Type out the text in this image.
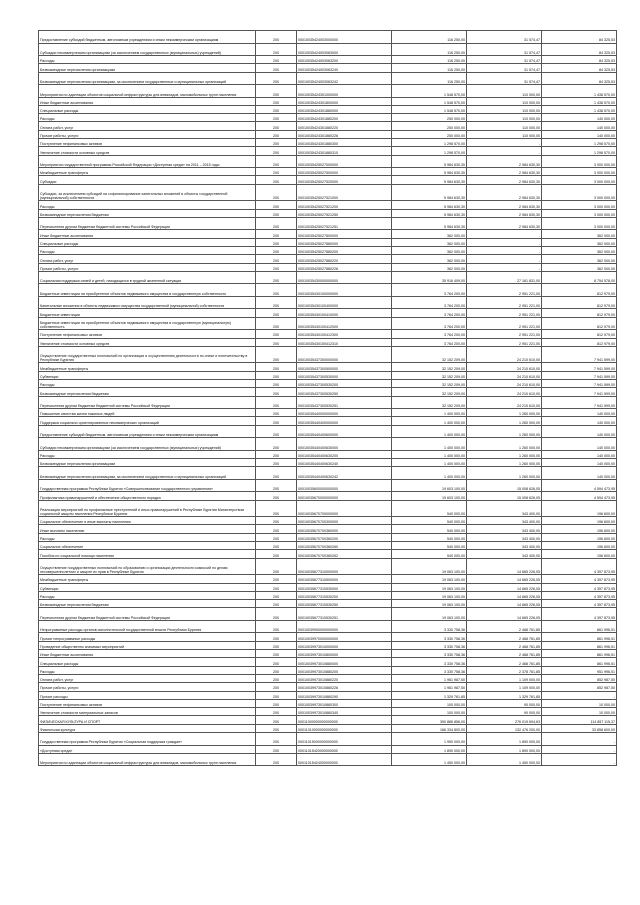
Предоставление субсидий бюджетным, автономным учреждениям и иным некоммерческим организациям	200	00010035424003000000	116 250,00	31 574,47	84 325,53
Субсидии некоммерческим организациям (за исключением государственных (муниципальных) учреждений)	200	00010035424003063000	116 250,00	31 574,47	84 325,53
Расходы	200	00010035424003063200	116 250,00	31 574,47	84 325,53
Безвозмездные перечисления организациям	200	00010035424003063240	116 250,00	31 574,47	84 325,53
Безвозмездные перечисления организациям, за исключением государственных и муниципальных организаций	200	00010035424003063242	116 250,00	31 574,47	84 325,53
Мероприятия по адаптации объектов социальной инфраструктуры для инвалидов, маломобильных групп населения	200	00010035424301000000	1 548 570,00	110 000,00	1 438 570,00
Иные бюджетные ассигнования	200	00010035424301800000	1 548 570,00	110 000,00	1 438 570,00
Специальные расходы	200	00010035424301880000	1 548 570,00	110 000,00	1 438 570,00
Расходы	200	00010035424301880200	250 000,00	110 000,00	140 000,00
Оплата работ, услуг	200	00010035424301880220	250 000,00	110 000,00	140 000,00
Прочие работы, услуги	200	00010035424301880226	250 000,00	110 000,00	140 000,00
Поступление нефинансовых активов	200	00010035424301880300	1 298 570,00	-	1 298 570,00
Увеличение стоимости основных средств	200	00010035424301880310	1 298 570,00	-	1 298 570,00
Мероприятия государственной программы Российской Федерации «Доступная среда» на 2011 – 2015 годы	200	00010035425027000000	5 984 630,30	2 984 630,30	3 000 000,00
Межбюджетные трансферты	200	00010035425027500000	5 984 630,30	2 984 630,30	3 000 000,00
Субсидии	200	00010035425027520000	5 984 630,30	2 984 630,30	3 000 000,00
Субсидии, за исключением субсидий на софинансирование капитальных вложений в объекты государственной (муниципальной) собственности	200	00010035425027521000	5 984 630,30	2 984 630,30	3 000 000,00
Расходы	200	00010035425027521200	5 984 630,30	2 984 630,30	3 000 000,00
Безвозмездные перечисления бюджетам	200	00010035425027521250	5 984 630,30	2 984 630,30	3 000 000,00
Перечисления другим бюджетам бюджетной системы Российской Федерации	200	00010035425027521251	5 984 630,30	2 984 630,30	3 000 000,00
Иные бюджетные ассигнования	200	00010035425027800000	362 000,00	-	362 000,00
Специальные расходы	200	00010035425027880000	362 000,00	-	362 000,00
Расходы	200	00010035425027880200	362 000,00	-	362 000,00
Оплата работ, услуг	200	00010035425027880220	362 000,00	-	362 000,00
Прочие работы, услуги	200	00010035425027880226	362 000,00	-	362 000,00
Социальная поддержка семей и детей, находящихся в трудной жизненной ситуации	200	00010035430000000000	35 916 409,00	27 161 831,00	8 754 578,00
Бюджетные инвестиции на приобретение объектов недвижимого имущества в государственную собственность	200	00010035430100000000	3 764 200,00	2 951 221,00	812 979,00
Капитальные вложения в объекты недвижимого имущества государственной (муниципальной) собственности	200	00010035430100400000	3 764 200,00	2 951 221,00	812 979,00
Бюджетные инвестиции	200	00010035430100410000	3 764 200,00	2 951 221,00	812 979,00
Бюджетные инвестиции на приобретение объектов недвижимого имущества в государственную (муниципальную) собственность	200	00010035430100412000	3 764 200,00	2 951 221,00	812 979,00
Поступление нефинансовых активов	200	00010035430100412300	3 764 200,00	2 951 221,00	812 979,00
Увеличение стоимости основных средств	200	00010035430100412310	3 764 200,00	2 951 221,00	812 979,00
Осуществление государственных полномочий по организации и осуществлению деятельности по опеке и попечительству в Республике Бурятия	200	00010035437300000000	32 152 209,00	24 210 610,00	7 941 599,00
Межбюджетные трансферты	200	00010035437300500000	32 152 209,00	24 210 610,00	7 941 599,00
Субвенции	200	00010035437300530000	32 152 209,00	24 210 610,00	7 941 599,00
Расходы	200	00010035437300530200	32 152 209,00	24 210 610,00	7 941 599,00
Безвозмездные перечисления бюджетам	200	00010035437300530250	32 152 209,00	24 210 610,00	7 941 599,00
Перечисления другим бюджетам бюджетной системы Российской Федерации	200	00010035437300530251	32 152 209,00	24 210 610,00	7 941 599,00
Повышение качества жизни пожилых людей	200	00010035440000000000	1 400 000,00	1 260 000,00	140 000,00
Поддержка социально ориентированных некоммерческих организаций	200	00010035440400000000	1 400 000,00	1 260 000,00	140 000,00
Предоставление субсидий бюджетным, автономным учреждениям и иным некоммерческим организациям	200	00010035440400600000	1 400 000,00	1 260 000,00	140 000,00
Субсидии некоммерческим организациям (за исключением государственных (муниципальных) учреждений)	200	00010035440400630000	1 400 000,00	1 260 000,00	140 000,00
Расходы	200	00010035440400630200	1 400 000,00	1 260 000,00	140 000,00
Безвозмездные перечисления организациям	200	00010035440400630240	1 400 000,00	1 260 000,00	140 000,00
Безвозмездные перечисления организациям, за исключением государственных и муниципальных организаций	200	00010035440400630242	1 400 000,00	1 260 000,00	140 000,00
Государственная программа Республики Бурятия «Совершенствование государственного управления»	200	00010035600000000000	19 603 100,00	15 008 626,05	4 594 473,95
Профилактика правонарушений и обеспечение общественного порядка	200	00010035670000000000	19 603 100,00	15 008 626,05	4 594 473,95
Реализация мероприятий по профилактике преступлений и иных правонарушений в Республике Бурятия Министерством социальной защиты населения Республики Бурятия	200	00010035670700000000	540 000,00	343 400,00	196 600,00
Социальное обеспечение и иные выплаты населению	200	00010035670700300000	540 000,00	343 400,00	196 600,00
Иные выплаты населению	200	00010035670700360000	540 000,00	343 400,00	196 600,00
Расходы	200	00010035670700360200	540 000,00	343 400,00	196 600,00
Социальное обеспечение	200	00010035670700360260	540 000,00	343 400,00	196 600,00
Пособия по социальной помощи населению	200	00010035670700360262	540 000,00	343 400,00	196 600,00
Осуществление государственных полномочий по образованию и организации деятельности комиссий по делам несовершеннолетних и защите их прав в Республике Бурятия	200	00010035677310000000	19 063 100,00	14 665 226,05	4 397 873,95
Межбюджетные трансферты	200	00010035677310500000	19 063 100,00	14 665 226,05	4 397 873,95
Субвенции	200	00010035677310530000	19 063 100,00	14 665 226,05	4 397 873,95
Расходы	200	00010035677310530200	19 063 100,00	14 665 226,05	4 397 873,95
Безвозмездные перечисления бюджетам	200	00010035677310530250	19 063 100,00	14 665 226,05	4 397 873,95
Перечисления другим бюджетам бюджетной системы Российской Федерации	200	00010035677310530251	19 063 100,00	14 665 226,05	4 397 873,95
Непрограммные расходы органов исполнительной государственной власти Республики Бурятия	200	00010039900000000000	3 330 758,36	2 468 761,85	861 996,51
Прочие непрограммные расходы	200	00010039970000000000	3 330 758,36	2 468 761,85	861 996,51
Проведение общественно значимых мероприятий	200	00010039973010000000	3 330 758,36	2 468 761,85	861 996,51
Иные бюджетные ассигнования	200	00010039973010800000	3 330 758,36	2 468 761,85	861 996,51
Специальные расходы	200	00010039973010880000	3 330 758,36	2 468 761,85	861 996,51
Расходы	200	00010039973010880200	3 330 758,36	2 378 761,85	951 996,51
Оплата работ, услуг	200	00010039973010880220	1 961 987,50	1 109 000,00	852 987,50
Прочие работы, услуги	200	00010039973010880226	1 961 987,50	1 109 000,00	852 987,50
Прочие расходы	200	00010039973010880290	1 329 761,85	1 329 761,85	-
Поступление нефинансовых активов	200	00010039973010880300	100 000,00	90 000,00	10 000,00
Увеличение стоимости материальных запасов	200	00010039973010880340	100 000,00	90 000,00	10 000,00
ФИЗИЧЕСКАЯ КУЛЬТУРА И СПОРТ	200	00011000000000000000	390 886 856,00	276 019 694,63	114 857 115,37
Физическая культура	200	00011010000000000000	166 334 800,00	132 476 200,00	33 858 600,00
Государственная программа Республики Бурятия «Социальная поддержка граждан»	200	00011015000000000000	1 990 000,00	1 890 000,00	-
«Доступная среда»	200	00011015420000000000	1 890 000,00	1 890 000,00	-
Мероприятия по адаптации объектов социальной инфраструктуры для инвалидов, маломобильных групп населения	200	00011015424300000000	1 450 000,00	1 450 000,00	-
